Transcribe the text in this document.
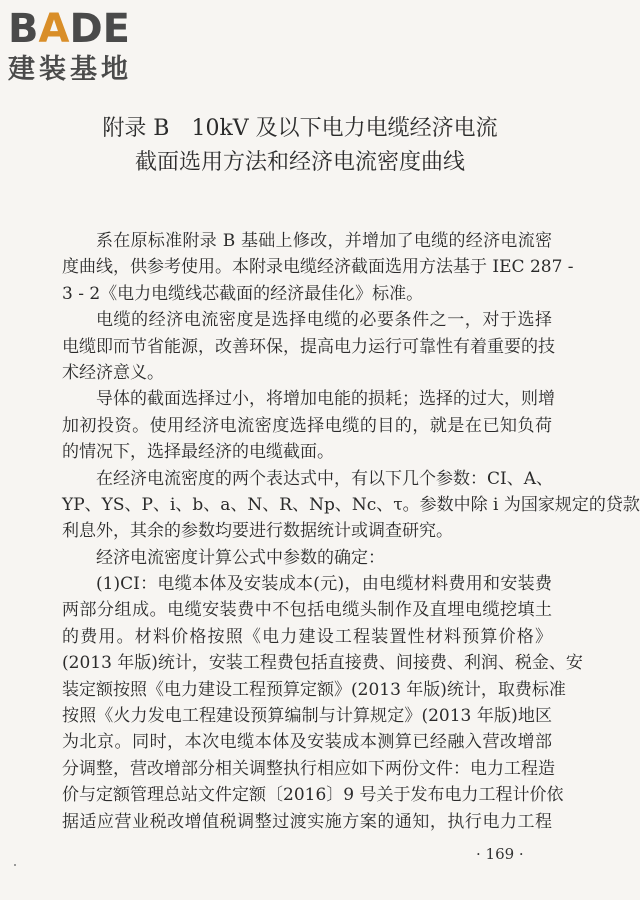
B A DE
建装基地
附录 B　10kV 及以下电力电缆经济电流
截面选用方法和经济电流密度曲线
系在原标准附录 B 基础上修改，并增加了电缆的经济电流密
度曲线，供参考使用。本附录电缆经济截面选用方法基于 IEC 287 -
3 - 2《电力电缆线芯截面的经济最佳化》标准。
电缆的经济电流密度是选择电缆的必要条件之一，对于选择
电缆即而节省能源，改善环保，提高电力运行可靠性有着重要的技
术经济意义。
导体的截面选择过小，将增加电能的损耗；选择的过大，则增
加初投资。使用经济电流密度选择电缆的目的，就是在已知负荷
的情况下，选择最经济的电缆截面。
在经济电流密度的两个表达式中，有以下几个参数：CI、A、
YP、YS、P、i、b、a、N、R、Np、Nc、τ。参数中除 i 为国家规定的贷款
利息外，其余的参数均要进行数据统计或调查研究。
经济电流密度计算公式中参数的确定：
(1)CI：电缆本体及安装成本(元)，由电缆材料费用和安装费
两部分组成。电缆安装费中不包括电缆头制作及直埋电缆挖填土
的费用。材料价格按照《电力建设工程装置性材料预算价格》
(2013 年版)统计，安装工程费包括直接费、间接费、利润、税金、安
装定额按照《电力建设工程预算定额》(2013 年版)统计，取费标准
按照《火力发电工程建设预算编制与计算规定》(2013 年版)地区
为北京。同时，本次电缆本体及安装成本测算已经融入营改增部
分调整，营改增部分相关调整执行相应如下两份文件：电力工程造
价与定额管理总站文件定额〔2016〕9 号关于发布电力工程计价依
据适应营业税改增值税调整过渡实施方案的通知，执行电力工程
· 169 ·
